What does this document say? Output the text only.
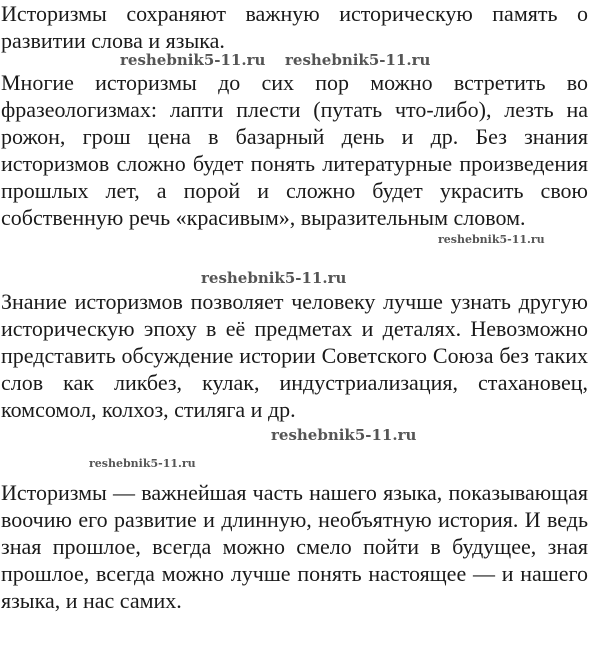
Историзмы сохраняют важную историческую память о развитии слова и языка.

Многие историзмы до сих пор можно встретить во фразеологизмах: лапти плести (путать что-либо), лезть на рожон, грош цена в базарный день и др. Без знания историзмов сложно будет понять литературные произведения прошлых лет, а порой и сложно будет украсить свою собственную речь «красивым», выразительным словом.

Знание историзмов позволяет человеку лучше узнать другую историческую эпоху в её предметах и деталях. Невозможно представить обсуждение истории Советского Союза без таких слов как ликбез, кулак, индустриализация, стахановец, комсомол, колхоз, стиляга и др.

Историзмы — важнейшая часть нашего языка, показывающая воочию его развитие и длинную, необъятную история. И ведь зная прошлое, всегда можно смело пойти в будущее, зная прошлое, всегда можно лучше понять настоящее — и нашего языка, и нас самих.

reshebnik5-11.ru reshebnik5-11.ru
reshebnik5-11.ru
reshebnik5-11.ru
reshebnik5-11.ru
reshebnik5-11.ru
